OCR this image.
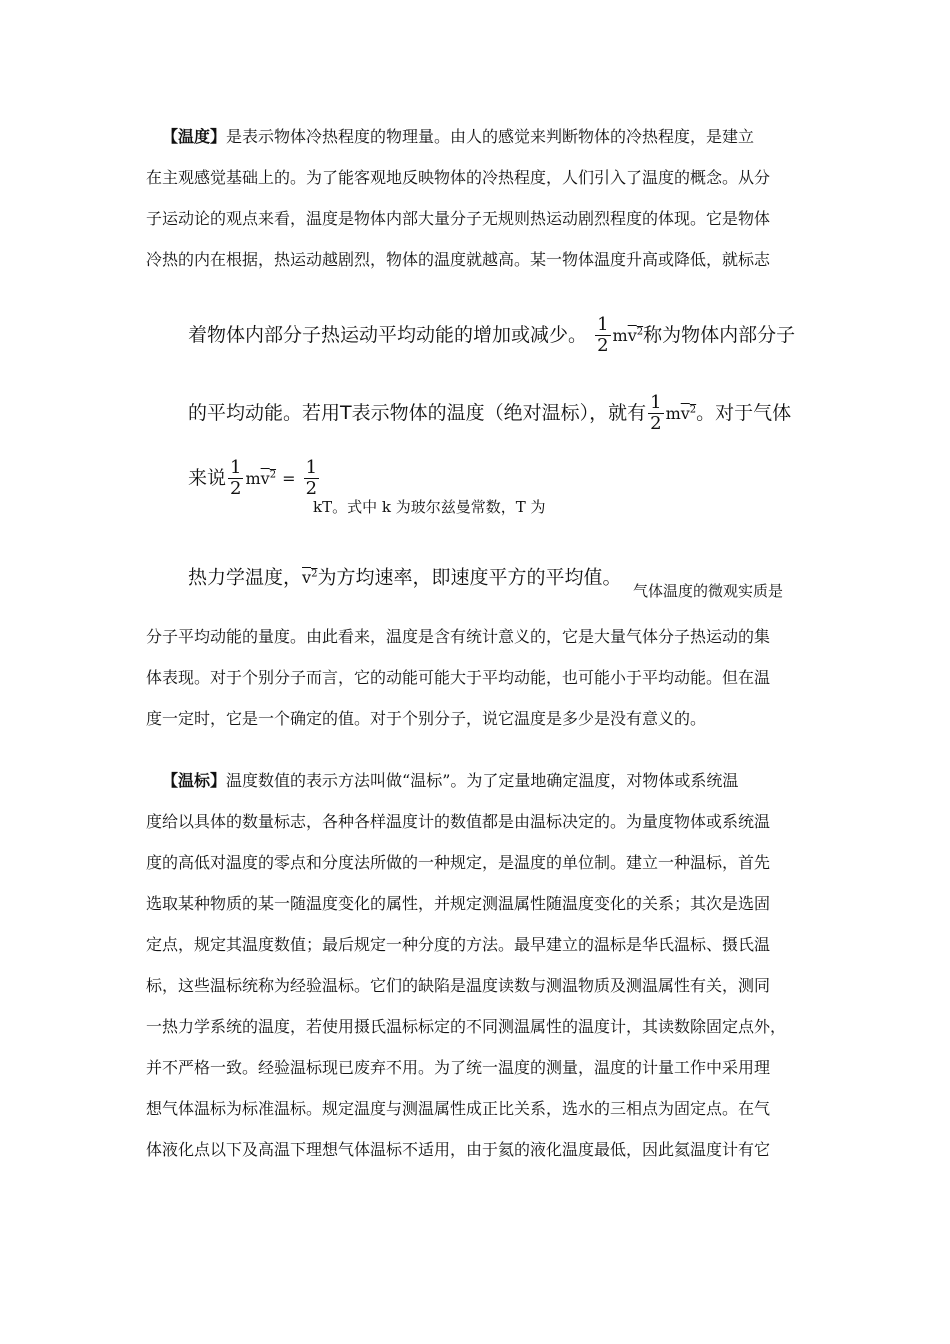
【温度】是表示物体冷热程度的物理量。由人的感觉来判断物体的冷热程度，是建立
在主观感觉基础上的。为了能客观地反映物体的冷热程度，人们引入了温度的概念。从分
子运动论的观点来看，温度是物体内部大量分子无规则热运动剧烈程度的体现。它是物体
冷热的内在根据，热运动越剧烈，物体的温度就越高。某一物体温度升高或降低，就标志
着物体内部分子热运动平均动能的增加或减少。 $\frac{1}{2} mv^2$称为物体内部分子
的平均动能。若用T表示物体的温度（绝对温标），就有 $\frac{1}{2} mv^2$。对于气体
来说 $\frac{1}{2} mv^2 = \frac{1}{2}$
kT。式中 k 为玻尔兹曼常数，T 为
热力学温度，$v^2$为方均速率，即速度平方的平均值。
气体温度的微观实质是
分子平均动能的量度。由此看来，温度是含有统计意义的，它是大量气体分子热运动的集
体表现。对于个别分子而言，它的动能可能大于平均动能，也可能小于平均动能。但在温
度一定时，它是一个确定的值。对于个别分子，说它温度是多少是没有意义的。
【温标】温度数值的表示方法叫做“温标”。为了定量地确定温度，对物体或系统温
度给以具体的数量标志，各种各样温度计的数值都是由温标决定的。为量度物体或系统温
度的高低对温度的零点和分度法所做的一种规定，是温度的单位制。建立一种温标，首先
选取某种物质的某一随温度变化的属性，并规定测温属性随温度变化的关系；其次是选固
定点，规定其温度数值；最后规定一种分度的方法。最早建立的温标是华氏温标、摄氏温
标，这些温标统称为经验温标。它们的缺陷是温度读数与测温物质及测温属性有关，测同
一热力学系统的温度，若使用摄氏温标标定的不同测温属性的温度计，其读数除固定点外，
并不严格一致。经验温标现已废弃不用。为了统一温度的测量，温度的计量工作中采用理
想气体温标为标准温标。规定温度与测温属性成正比关系，选水的三相点为固定点。在气
体液化点以下及高温下理想气体温标不适用，由于氦的液化温度最低，因此氦温度计有它
